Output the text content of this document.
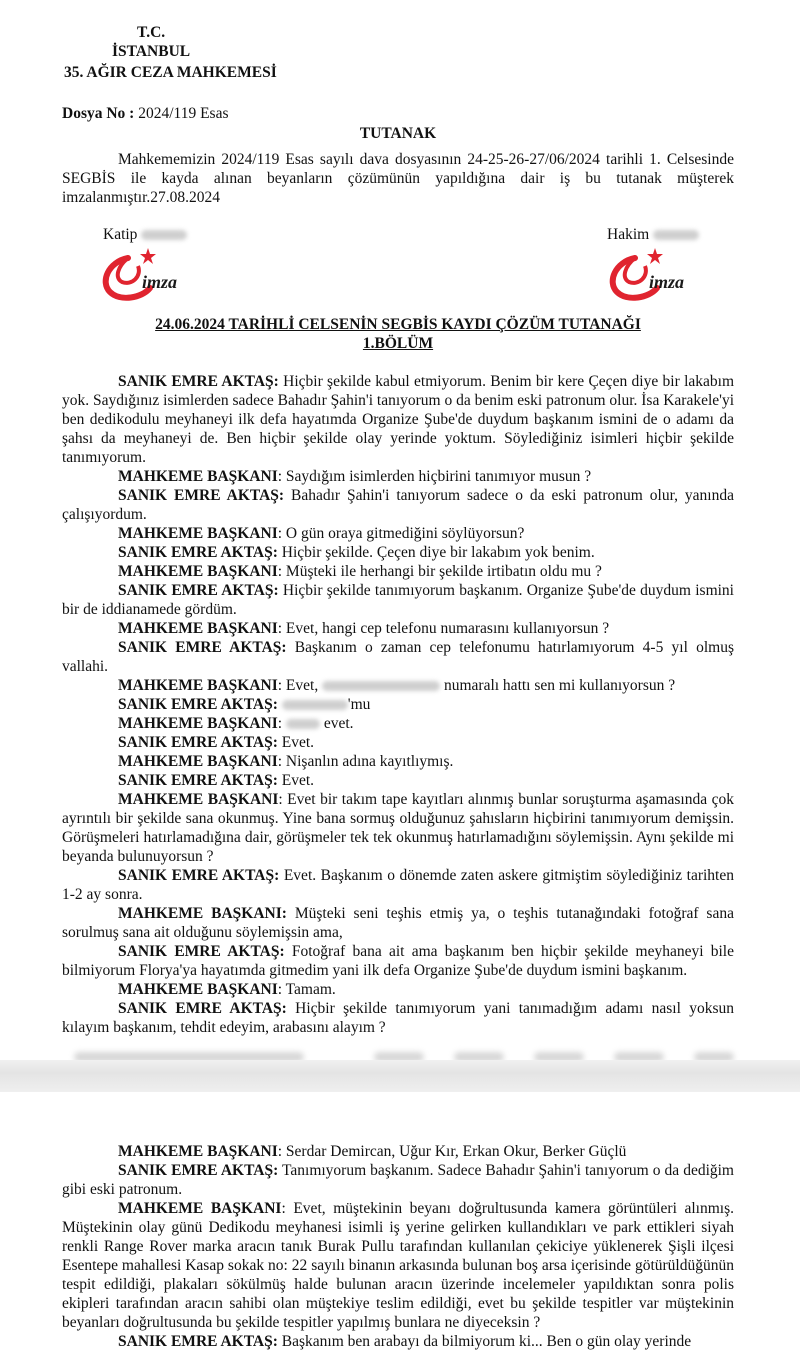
T.C.
İSTANBUL
35. AĞIR CEZA MAHKEMESİ
Dosya No : 2024/119 Esas
TUTANAK

Mahkememizin 2024/119 Esas sayılı dava dosyasının 24-25-26-27/06/2024 tarihli 1. Celsesinde SEGBİS ile kayda alınan beyanların çözümünün yapıldığına dair iş bu tutanak müşterek imzalanmıştır.27.08.2024

Katip	Hakim
imza	imza
24.06.2024 TARİHLİ CELSENİN SEGBİS KAYDI ÇÖZÜM TUTANAĞI
1.BÖLÜM

SANIK EMRE AKTAŞ: Hiçbir şekilde kabul etmiyorum. Benim bir kere Çeçen diye bir lakabım yok. Saydığınız isimlerden sadece Bahadır Şahin'i tanıyorum o da benim eski patronum olur. İsa Karakele'yi ben dedikodulu meyhaneyi ilk defa hayatımda Organize Şube'de duydum başkanım ismini de o adamı da şahsı da meyhaneyi de. Ben hiçbir şekilde olay yerinde yoktum. Söylediğiniz isimleri hiçbir şekilde tanımıyorum.

MAHKEME BAŞKANI: Saydığım isimlerden hiçbirini tanımıyor musun ?

SANIK EMRE AKTAŞ: Bahadır Şahin'i tanıyorum sadece o da eski patronum olur, yanında çalışıyordum.

MAHKEME BAŞKANI: O gün oraya gitmediğini söylüyorsun?

SANIK EMRE AKTAŞ: Hiçbir şekilde. Çeçen diye bir lakabım yok benim.

MAHKEME BAŞKANI: Müşteki ile herhangi bir şekilde irtibatın oldu mu ?

SANIK EMRE AKTAŞ: Hiçbir şekilde tanımıyorum başkanım. Organize Şube'de duydum ismini bir de iddianamede gördüm.

MAHKEME BAŞKANI: Evet, hangi cep telefonu numarasını kullanıyorsun ?

SANIK EMRE AKTAŞ: Başkanım o zaman cep telefonumu hatırlamıyorum 4-5 yıl olmuş vallahi.

MAHKEME BAŞKANI: Evet,	numaralı hattı sen mi kullanıyorsun ?

SANIK EMRE AKTAŞ:	'mu

MAHKEME BAŞKANI:  evet.

SANIK EMRE AKTAŞ: Evet.

MAHKEME BAŞKANI: Nişanlın adına kayıtlıymış.

SANIK EMRE AKTAŞ: Evet.

MAHKEME BAŞKANI: Evet bir takım tape kayıtları alınmış bunlar soruşturma aşamasında çok ayrıntılı bir şekilde sana okunmuş. Yine bana sormuş olduğunuz şahısların hiçbirini tanımıyorum demişsin. Görüşmeleri hatırlamadığına dair, görüşmeler tek tek okunmuş hatırlamadığını söylemişsin. Aynı şekilde mi beyanda bulunuyorsun ?

SANIK EMRE AKTAŞ: Evet. Başkanım o dönemde zaten askere gitmiştim söylediğiniz tarihten 1-2 ay sonra.

MAHKEME BAŞKANI: Müşteki seni teşhis etmiş ya, o teşhis tutanağındaki fotoğraf sana sorulmuş sana ait olduğunu söylemişsin ama,

SANIK EMRE AKTAŞ: Fotoğraf bana ait ama başkanım ben hiçbir şekilde meyhaneyi bile bilmiyorum Florya'ya hayatımda gitmedim yani ilk defa Organize Şube'de duydum ismini başkanım.

MAHKEME BAŞKANI: Tamam.

SANIK EMRE AKTAŞ: Hiçbir şekilde tanımıyorum yani tanımadığım adamı nasıl yoksun kılayım başkanım, tehdit edeyim, arabasını alayım ?

MAHKEME BAŞKANI: Serdar Demircan, Uğur Kır, Erkan Okur, Berker Güçlü

SANIK EMRE AKTAŞ: Tanımıyorum başkanım. Sadece Bahadır Şahin'i tanıyorum o da dediğim gibi eski patronum.

MAHKEME BAŞKANI: Evet, müştekinin beyanı doğrultusunda kamera görüntüleri alınmış. Müştekinin olay günü Dedikodu meyhanesi isimli iş yerine gelirken kullandıkları ve park ettikleri siyah renkli Range Rover marka aracın tanık Burak Pullu tarafından kullanılan çekiciye yüklenerek Şişli ilçesi Esentepe mahallesi Kasap sokak no: 22 sayılı binanın arkasında bulunan boş arsa içerisinde götürüldüğünün tespit edildiği, plakaları sökülmüş halde bulunan aracın üzerinde incelemeler yapıldıktan sonra polis ekipleri tarafından aracın sahibi olan müştekiye teslim edildiği, evet bu şekilde tespitler var müştekinin beyanları doğrultusunda bu şekilde tespitler yapılmış bunlara ne diyeceksin ?

SANIK EMRE AKTAŞ: Başkanım ben arabayı da bilmiyorum ki... Ben o gün olay yerinde
